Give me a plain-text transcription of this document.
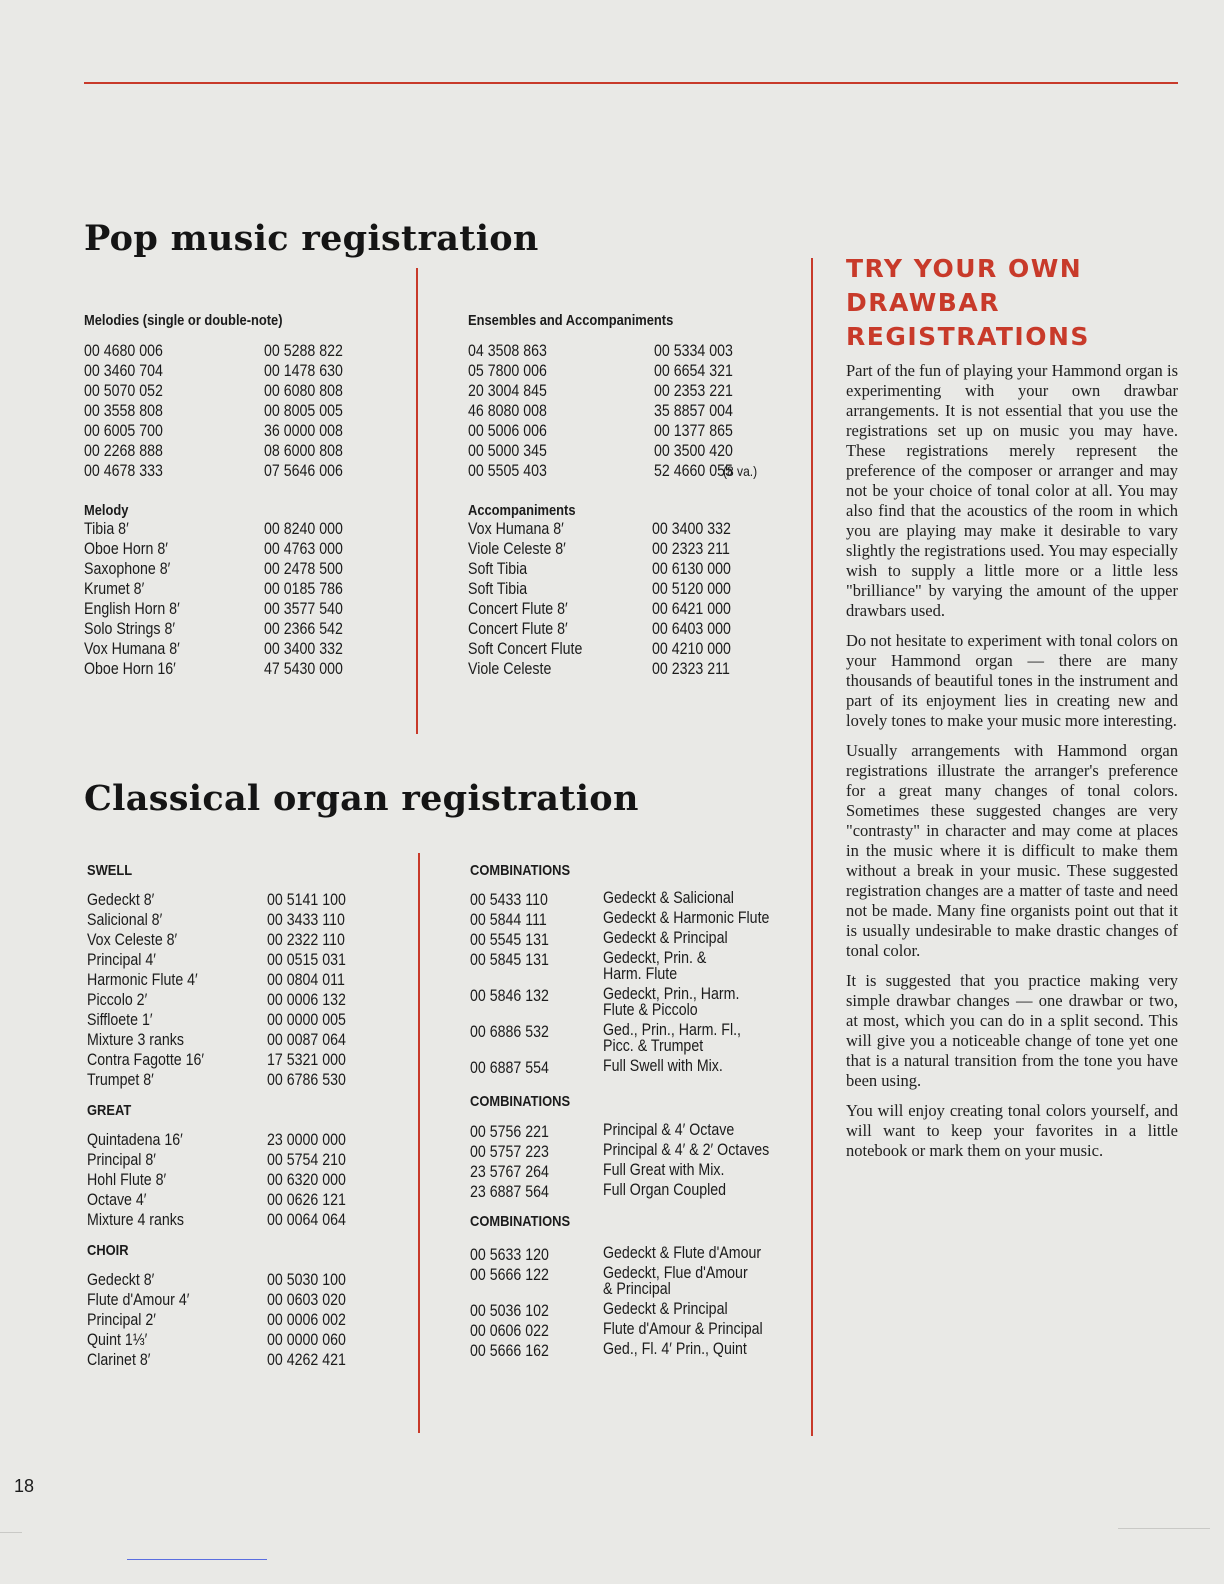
Pop music registration
Melodies (single or double-note)
00 4680 006	00 5288 822
00 3460 704	00 1478 630
00 5070 052	00 6080 808
00 3558 808	00 8005 005
00 6005 700	36 0000 008
00 2268 888	08 6000 808
00 4678 333	07 5646 006
Melody
Tibia 8′	00 8240 000
Oboe Horn 8′	00 4763 000
Saxophone 8′	00 2478 500
Krumet 8′	00 0185 786
English Horn 8′	00 3577 540
Solo Strings 8′	00 2366 542
Vox Humana 8′	00 3400 332
Oboe Horn 16′	47 5430 000
Ensembles and Accompaniments
04 3508 863	00 5334 003
05 7800 006	00 6654 321
20 3004 845	00 2353 221
46 8080 008	35 8857 004
00 5006 006	00 1377 865
00 5000 345	00 3500 420
00 5505 403	52 4660 055
(8 va.)
Accompaniments
Vox Humana 8′	00 3400 332
Viole Celeste 8′	00 2323 211
Soft Tibia	00 6130 000
Soft Tibia	00 5120 000
Concert Flute 8′	00 6421 000
Concert Flute 8′	00 6403 000
Soft Concert Flute	00 4210 000
Viole Celeste	00 2323 211
Classical organ registration
SWELL
Gedeckt 8′	00 5141 100
Salicional 8′	00 3433 110
Vox Celeste 8′	00 2322 110
Principal 4′	00 0515 031
Harmonic Flute 4′	00 0804 011
Piccolo 2′	00 0006 132
Siffloete 1′	00 0000 005
Mixture 3 ranks	00 0087 064
Contra Fagotte 16′	17 5321 000
Trumpet 8′	00 6786 530
GREAT
Quintadena 16′	23 0000 000
Principal 8′	00 5754 210
Hohl Flute 8′	00 6320 000
Octave 4′	00 0626 121
Mixture 4 ranks	00 0064 064
CHOIR
Gedeckt 8′	00 5030 100
Flute d'Amour 4′	00 0603 020
Principal 2′	00 0006 002
Quint 1⅓′	00 0000 060
Clarinet 8′	00 4262 421
COMBINATIONS
00 5433 110	Gedeckt & Salicional
00 5844 111	Gedeckt & Harmonic Flute
00 5545 131	Gedeckt & Principal
00 5845 131	Gedeckt, Prin. &
Harm. Flute
00 5846 132	Gedeckt, Prin., Harm.
Flute & Piccolo
00 6886 532	Ged., Prin., Harm. Fl.,
Picc. & Trumpet
00 6887 554	Full Swell with Mix.
COMBINATIONS
00 5756 221	Principal & 4′ Octave
00 5757 223	Principal & 4′ & 2′ Octaves
23 5767 264	Full Great with Mix.
23 6887 564	Full Organ Coupled
COMBINATIONS
00 5633 120	Gedeckt & Flute d'Amour
00 5666 122	Gedeckt, Flue d'Amour
& Principal
00 5036 102	Gedeckt & Principal
00 0606 022	Flute d'Amour & Principal
00 5666 162	Ged., Fl. 4′ Prin., Quint
TRY YOUR OWN
DRAWBAR
REGISTRATIONS

Part of the fun of playing your Hammond organ is experimenting with your own drawbar arrangements. It is not essential that you use the registrations set up on music you may have. These registrations merely represent the preference of the composer or arranger and may not be your choice of tonal color at all. You may also find that the acoustics of the room in which you are playing may make it desirable to vary slightly the registrations used. You may especially wish to supply a little more or a little less "brilliance" by varying the amount of the upper drawbars used.

Do not hesitate to experiment with tonal colors on your Hammond organ — there are many thousands of beautiful tones in the instrument and part of its enjoyment lies in creating new and lovely tones to make your music more interesting.

Usually arrangements with Hammond organ registrations illustrate the arranger's preference for a great many changes of tonal colors. Sometimes these suggested changes are very "contrasty" in character and may come at places in the music where it is difficult to make them without a break in your music. These suggested registration changes are a matter of taste and need not be made. Many fine organists point out that it is usually undesirable to make drastic changes of tonal color.

It is suggested that you practice making very simple drawbar changes — one drawbar or two, at most, which you can do in a split second. This will give you a noticeable change of tone yet one that is a natural transition from the tone you have been using.

You will enjoy creating tonal colors yourself, and will want to keep your favorites in a little notebook or mark them on your music.

18
